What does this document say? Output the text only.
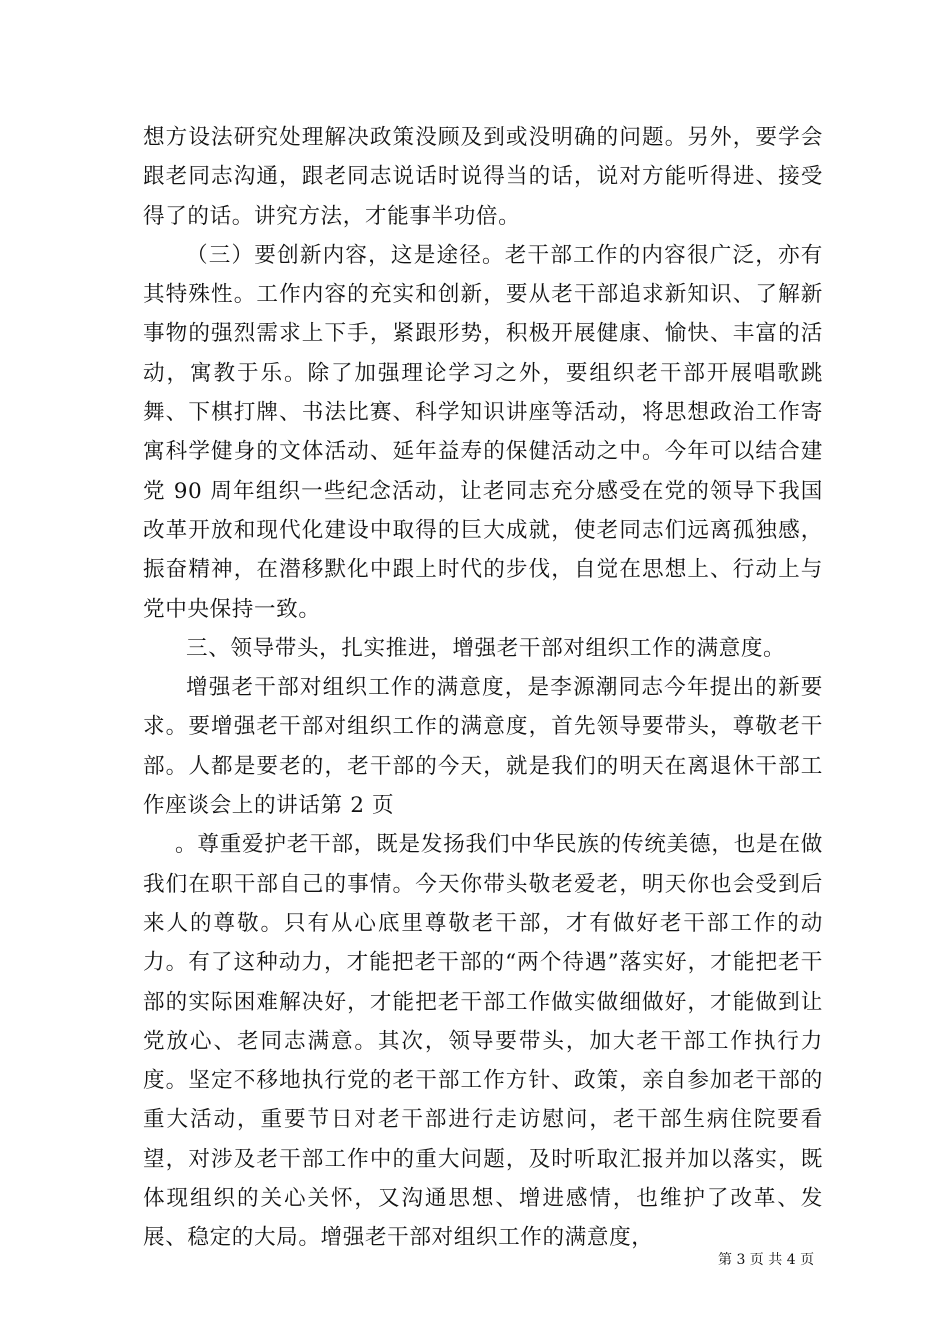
想方设法研究处理解决政策没顾及到或没明确的问题。另外，要学会跟老同志沟通，跟老同志说话时说得当的话，说对方能听得进、接受得了的话。讲究方法，才能事半功倍。

（三）要创新内容，这是途径。老干部工作的内容很广泛，亦有其特殊性。工作内容的充实和创新，要从老干部追求新知识、了解新事物的强烈需求上下手，紧跟形势，积极开展健康、愉快、丰富的活动，寓教于乐。除了加强理论学习之外，要组织老干部开展唱歌跳舞、下棋打牌、书法比赛、科学知识讲座等活动，将思想政治工作寄寓科学健身的文体活动、延年益寿的保健活动之中。今年可以结合建党 90 周年组织一些纪念活动，让老同志充分感受在党的领导下我国改革开放和现代化建设中取得的巨大成就，使老同志们远离孤独感，振奋精神，在潜移默化中跟上时代的步伐，自觉在思想上、行动上与党中央保持一致。

三、领导带头，扎实推进，增强老干部对组织工作的满意度。

增强老干部对组织工作的满意度，是李源潮同志今年提出的新要求。要增强老干部对组织工作的满意度，首先领导要带头，尊敬老干部。人都是要老的，老干部的今天，就是我们的明天在离退休干部工作座谈会上的讲话第 2 页

。尊重爱护老干部，既是发扬我们中华民族的传统美德，也是在做我们在职干部自己的事情。今天你带头敬老爱老，明天你也会受到后来人的尊敬。只有从心底里尊敬老干部，才有做好老干部工作的动力。有了这种动力，才能把老干部的“两个待遇”落实好，才能把老干部的实际困难解决好，才能把老干部工作做实做细做好，才能做到让党放心、老同志满意。其次，领导要带头，加大老干部工作执行力度。坚定不移地执行党的老干部工作方针、政策，亲自参加老干部的重大活动，重要节日对老干部进行走访慰问，老干部生病住院要看望，对涉及老干部工作中的重大问题，及时听取汇报并加以落实，既体现组织的关心关怀，又沟通思想、增进感情，也维护了改革、发展、稳定的大局。增强老干部对组织工作的满意度，

第 3 页 共 4 页
